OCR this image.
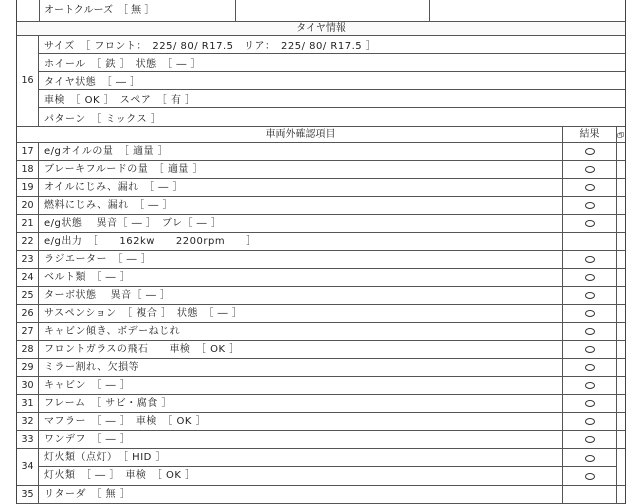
オートクルーズ　［ 無 ］
タイヤ情報
16
サイズ　［ フロント：　225/ 80/ R17.5　リア：　225/ 80/ R17.5 ］
ホイール　［ 鉄 ］　状態　［ ― ］
タイヤ状態　［ ― ］
車検　［ OK ］　スペア　［ 有 ］
パターン　［ ミックス ］
車両外確認項目	結果
17	e/gオイルの量　［ 適量 ］
18	ブレーキフルードの量　［ 適量 ］
19	オイルにじみ、漏れ　［ ― ］
20	燃料にじみ、漏れ　［ ― ］
21	e/g状態　 異音［ ― ］　ブレ［ ― ］
22	e/g出力　［　　162kw　　2200rpm　　］
23	ラジエーター　［ ― ］
24	ベルト類　［ ― ］
25	ターボ状態　 異音［ ― ］
26	サスペンション　［ 複合 ］　状態　［ ― ］
27	キャビン傾き、ボデーねじれ
28	フロントガラスの飛石　　車検　［ OK ］
29	ミラー割れ、欠損等
30	キャビン　［ ― ］
31	フレーム　［ サビ・腐食 ］
32	マフラー　［ ― ］　車検　［ OK ］
33	ワンデフ　［ ― ］
34
灯火類（点灯）　［ HID ］
灯火類　［ ― ］　車検　［ OK ］
35	リターダ　［ 無 ］
